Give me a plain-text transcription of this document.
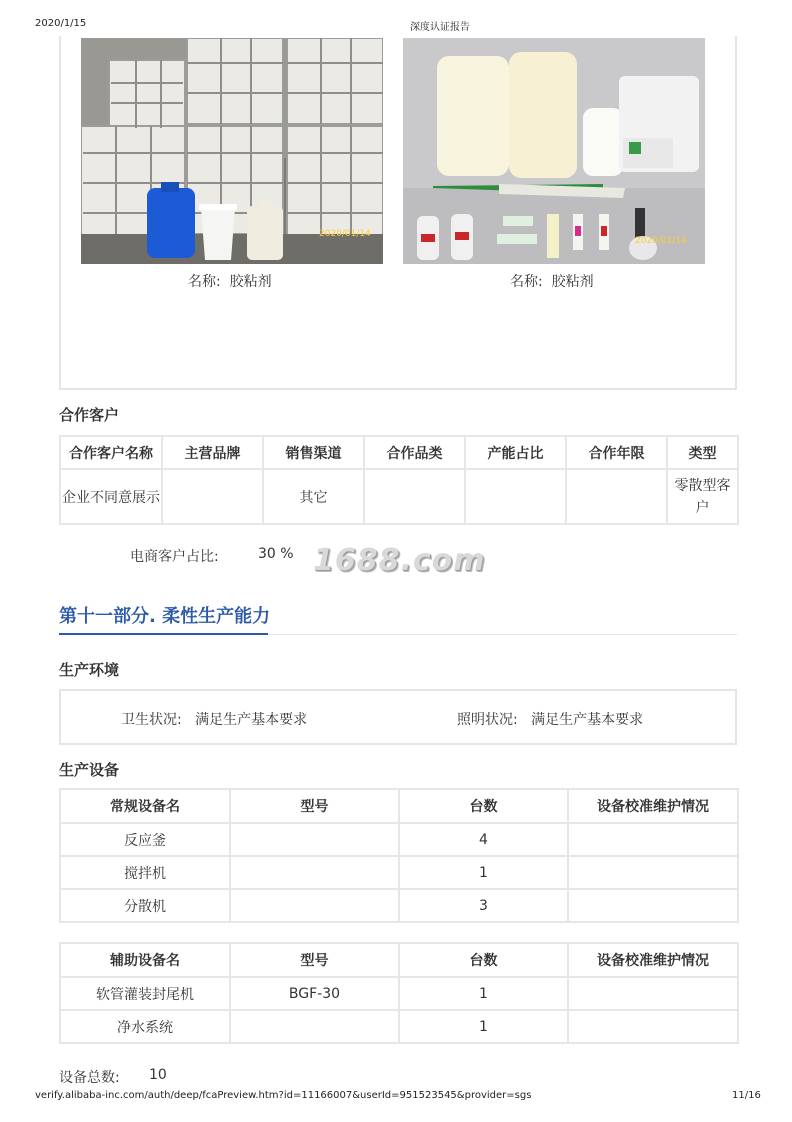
2020/1/15	深度认证报告
2020/01/14
2020/01/14
名称: 胶粘剂	名称: 胶粘剂
合作客户
合作客户名称	主营品牌	销售渠道	合作品类	产能占比	合作年限	类型
企业不同意展示		其它				零散型客户
电商客户占比:	30 % 1688.com
第十一部分. 柔性生产能力
生产环境
卫生状况: 满足生产基本要求	照明状况: 满足生产基本要求
生产设备
常规设备名	型号	台数	设备校准维护情况
反应釜		4	
搅拌机		1	
分散机		3	
辅助设备名	型号	台数	设备校准维护情况
软管灌装封尾机	BGF-30	1	
净水系统		1	
设备总数: 10
verify.alibaba-inc.com/auth/deep/fcaPreview.htm?id=11166007&userId=951523545&provider=sgs	11/16
